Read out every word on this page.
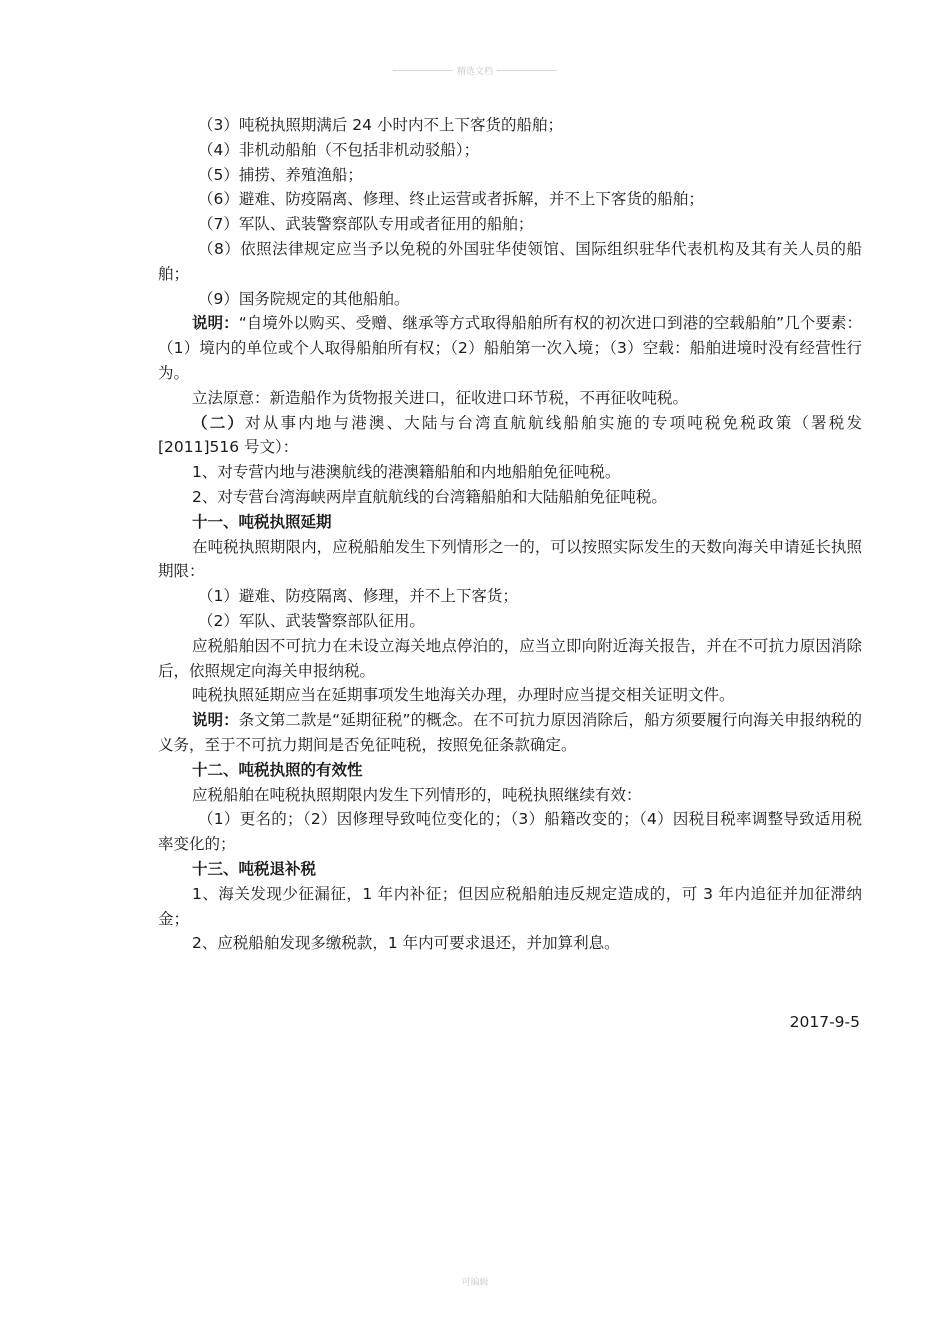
精选文档

（3）吨税执照期满后 24 小时内不上下客货的船舶；

（4）非机动船舶（不包括非机动驳船）；

（5）捕捞、养殖渔船；

（6）避难、防疫隔离、修理、终止运营或者拆解，并不上下客货的船舶；

（7）军队、武装警察部队专用或者征用的船舶；

（8）依照法律规定应当予以免税的外国驻华使领馆、国际组织驻华代表机构及其有关人员的船舶；

（9）国务院规定的其他船舶。

说明：“自境外以购买、受赠、继承等方式取得船舶所有权的初次进口到港的空载船舶”几个要素：（1）境内的单位或个人取得船舶所有权；（2）船舶第一次入境；（3）空载：船舶进境时没有经营性行为。

立法原意：新造船作为货物报关进口，征收进口环节税，不再征收吨税。

（二）对从事内地与港澳、大陆与台湾直航航线船舶实施的专项吨税免税政策（署税发[2011]516 号文）：

1、对专营内地与港澳航线的港澳籍船舶和内地船舶免征吨税。

2、对专营台湾海峡两岸直航航线的台湾籍船舶和大陆船舶免征吨税。

十一、吨税执照延期

在吨税执照期限内，应税船舶发生下列情形之一的，可以按照实际发生的天数向海关申请延长执照期限：

（1）避难、防疫隔离、修理，并不上下客货；

（2）军队、武装警察部队征用。

应税船舶因不可抗力在未设立海关地点停泊的，应当立即向附近海关报告，并在不可抗力原因消除后，依照规定向海关申报纳税。

吨税执照延期应当在延期事项发生地海关办理，办理时应当提交相关证明文件。

说明：条文第二款是“延期征税”的概念。在不可抗力原因消除后，船方须要履行向海关申报纳税的义务，至于不可抗力期间是否免征吨税，按照免征条款确定。

十二、吨税执照的有效性

应税船舶在吨税执照期限内发生下列情形的，吨税执照继续有效：

（1）更名的；（2）因修理导致吨位变化的；（3）船籍改变的；（4）因税目税率调整导致适用税率变化的；

十三、吨税退补税

1、海关发现少征漏征，1 年内补征；但因应税船舶违反规定造成的，可 3 年内追征并加征滞纳金；

2、应税船舶发现多缴税款，1 年内可要求退还，并加算利息。

2017-9-5
可编辑
